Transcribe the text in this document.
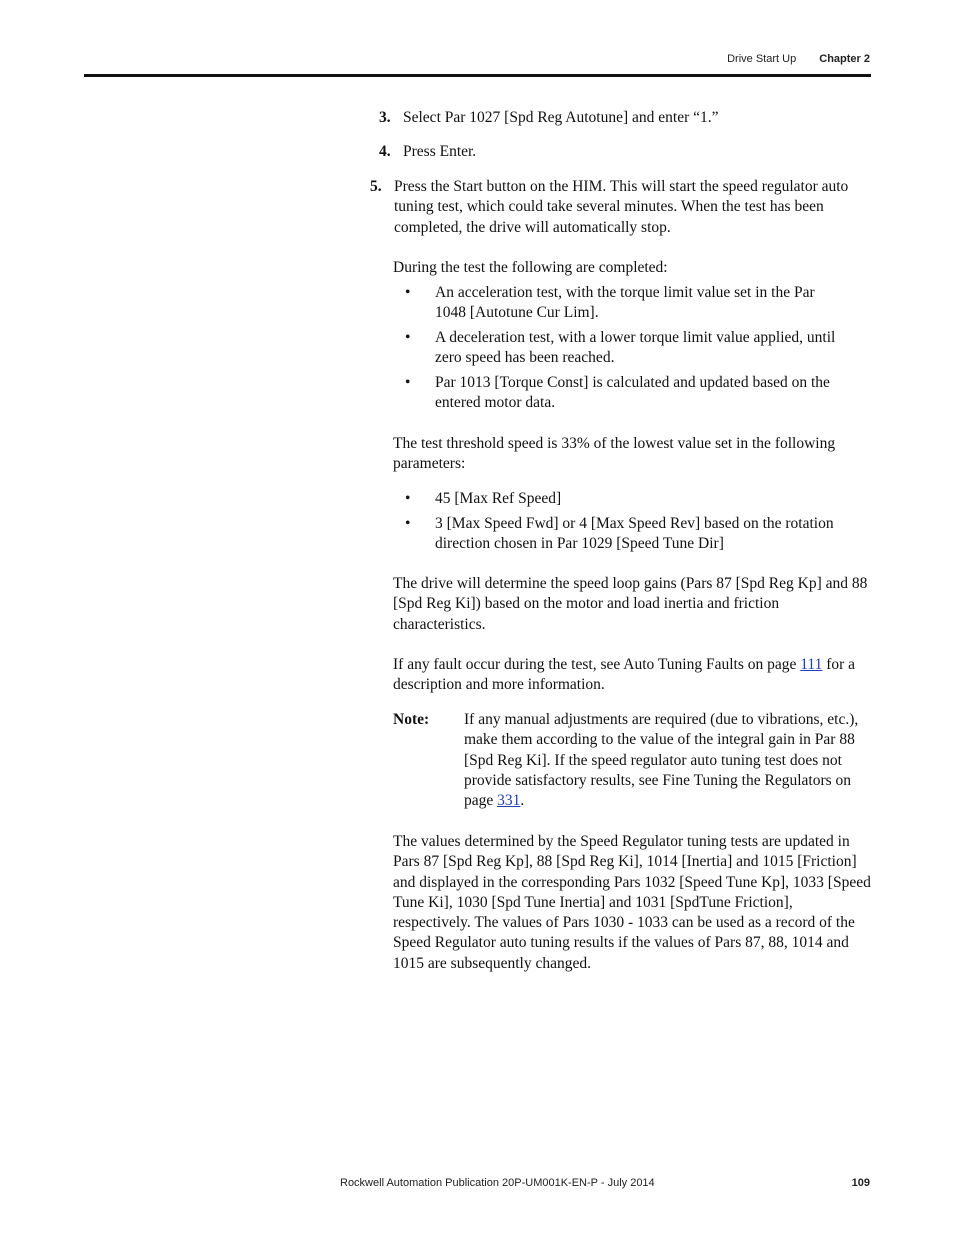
Drive Start Up Chapter 2
3. Select Par 1027 [Spd Reg Autotune] and enter “1.”
4. Press Enter.
5. Press the Start button on the HIM. This will start the speed regulator auto tuning test, which could take several minutes. When the test has been completed, the drive will automatically stop.

During the test the following are completed:

•	An acceleration test, with the torque limit value set in the Par 1048 [Autotune Cur Lim].
•	A deceleration test, with a lower torque limit value applied, until zero speed has been reached.
•	Par 1013 [Torque Const] is calculated and updated based on the entered motor data.

The test threshold speed is 33% of the lowest value set in the following parameters:

•	45 [Max Ref Speed]
•	3 [Max Speed Fwd] or 4 [Max Speed Rev] based on the rotation direction chosen in Par 1029 [Speed Tune Dir]

The drive will determine the speed loop gains (Pars 87 [Spd Reg Kp] and 88 [Spd Reg Ki]) based on the motor and load inertia and friction characteristics.

If any fault occur during the test, see Auto Tuning Faults on page 111 for a description and more information.

Note:	If any manual adjustments are required (due to vibrations, etc.), make them according to the value of the integral gain in Par 88 [Spd Reg Ki]. If the speed regulator auto tuning test does not provide satisfactory results, see Fine Tuning the Regulators on page 331.

The values determined by the Speed Regulator tuning tests are updated in Pars 87 [Spd Reg Kp], 88 [Spd Reg Ki], 1014 [Inertia] and 1015 [Friction] and displayed in the corresponding Pars 1032 [Speed Tune Kp], 1033 [Speed Tune Ki], 1030 [Spd Tune Inertia] and 1031 [SpdTune Friction], respectively. The values of Pars 1030 - 1033 can be used as a record of the Speed Regulator auto tuning results if the values of Pars 87, 88, 1014 and 1015 are subsequently changed.

Rockwell Automation Publication 20P-UM001K-EN-P - July 2014	109
